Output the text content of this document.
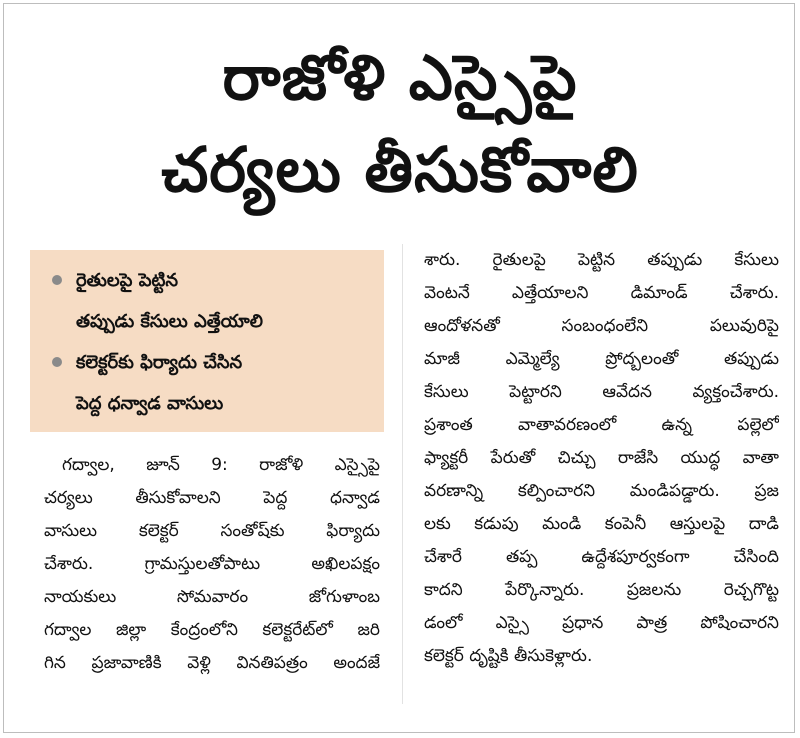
రాజోళి ఎస్సైపై
చర్యలు తీసుకోవాలి
రైతులపై పెట్టిన
తప్పుడు కేసులు ఎత్తేయాలి
కలెక్టర్‌కు ఫిర్యాదు చేసిన
పెద్ద ధన్వాడ వాసులు
గద్వాల, జూన్ 9: రాజోళి ఎస్సైపై
చర్యలు తీసుకోవాలని పెద్ద ధన్వాడ
వాసులు కలెక్టర్ సంతోష్‌కు ఫిర్యాదు
చేశారు. గ్రామస్తులతోపాటు అఖిలపక్షం
నాయకులు సోమవారం జోగుళాంబ
గద్వాల జిల్లా కేంద్రంలోని కలెక్టరేట్‌లో జరి
గిన ప్రజావాణికి వెళ్లి వినతిపత్రం అందజే
శారు. రైతులపై పెట్టిన తప్పుడు కేసులు
వెంటనే ఎత్తేయాలని డిమాండ్ చేశారు.
ఆందోళనతో సంబంధంలేని పలువురిపై
మాజీ ఎమ్మెల్యే ప్రోద్బలంతో తప్పుడు
కేసులు పెట్టారని ఆవేదన వ్యక్తంచేశారు.
ప్రశాంత వాతావరణంలో ఉన్న పల్లెలో
ఫ్యాక్టరీ పేరుతో చిచ్చు రాజేసి యుద్ధ వాతా
వరణాన్ని కల్పించారని మండిపడ్డారు. ప్రజ
లకు కడుపు మండి కంపెనీ ఆస్తులపై దాడి
చేశారే తప్ప ఉద్దేశపూర్వకంగా చేసింది
కాదని పేర్కొన్నారు. ప్రజలను రెచ్చగొట్ట
డంలో ఎస్సై ప్రధాన పాత్ర పోషించారని
కలెక్టర్ దృష్టికి తీసుకెళ్లారు.
